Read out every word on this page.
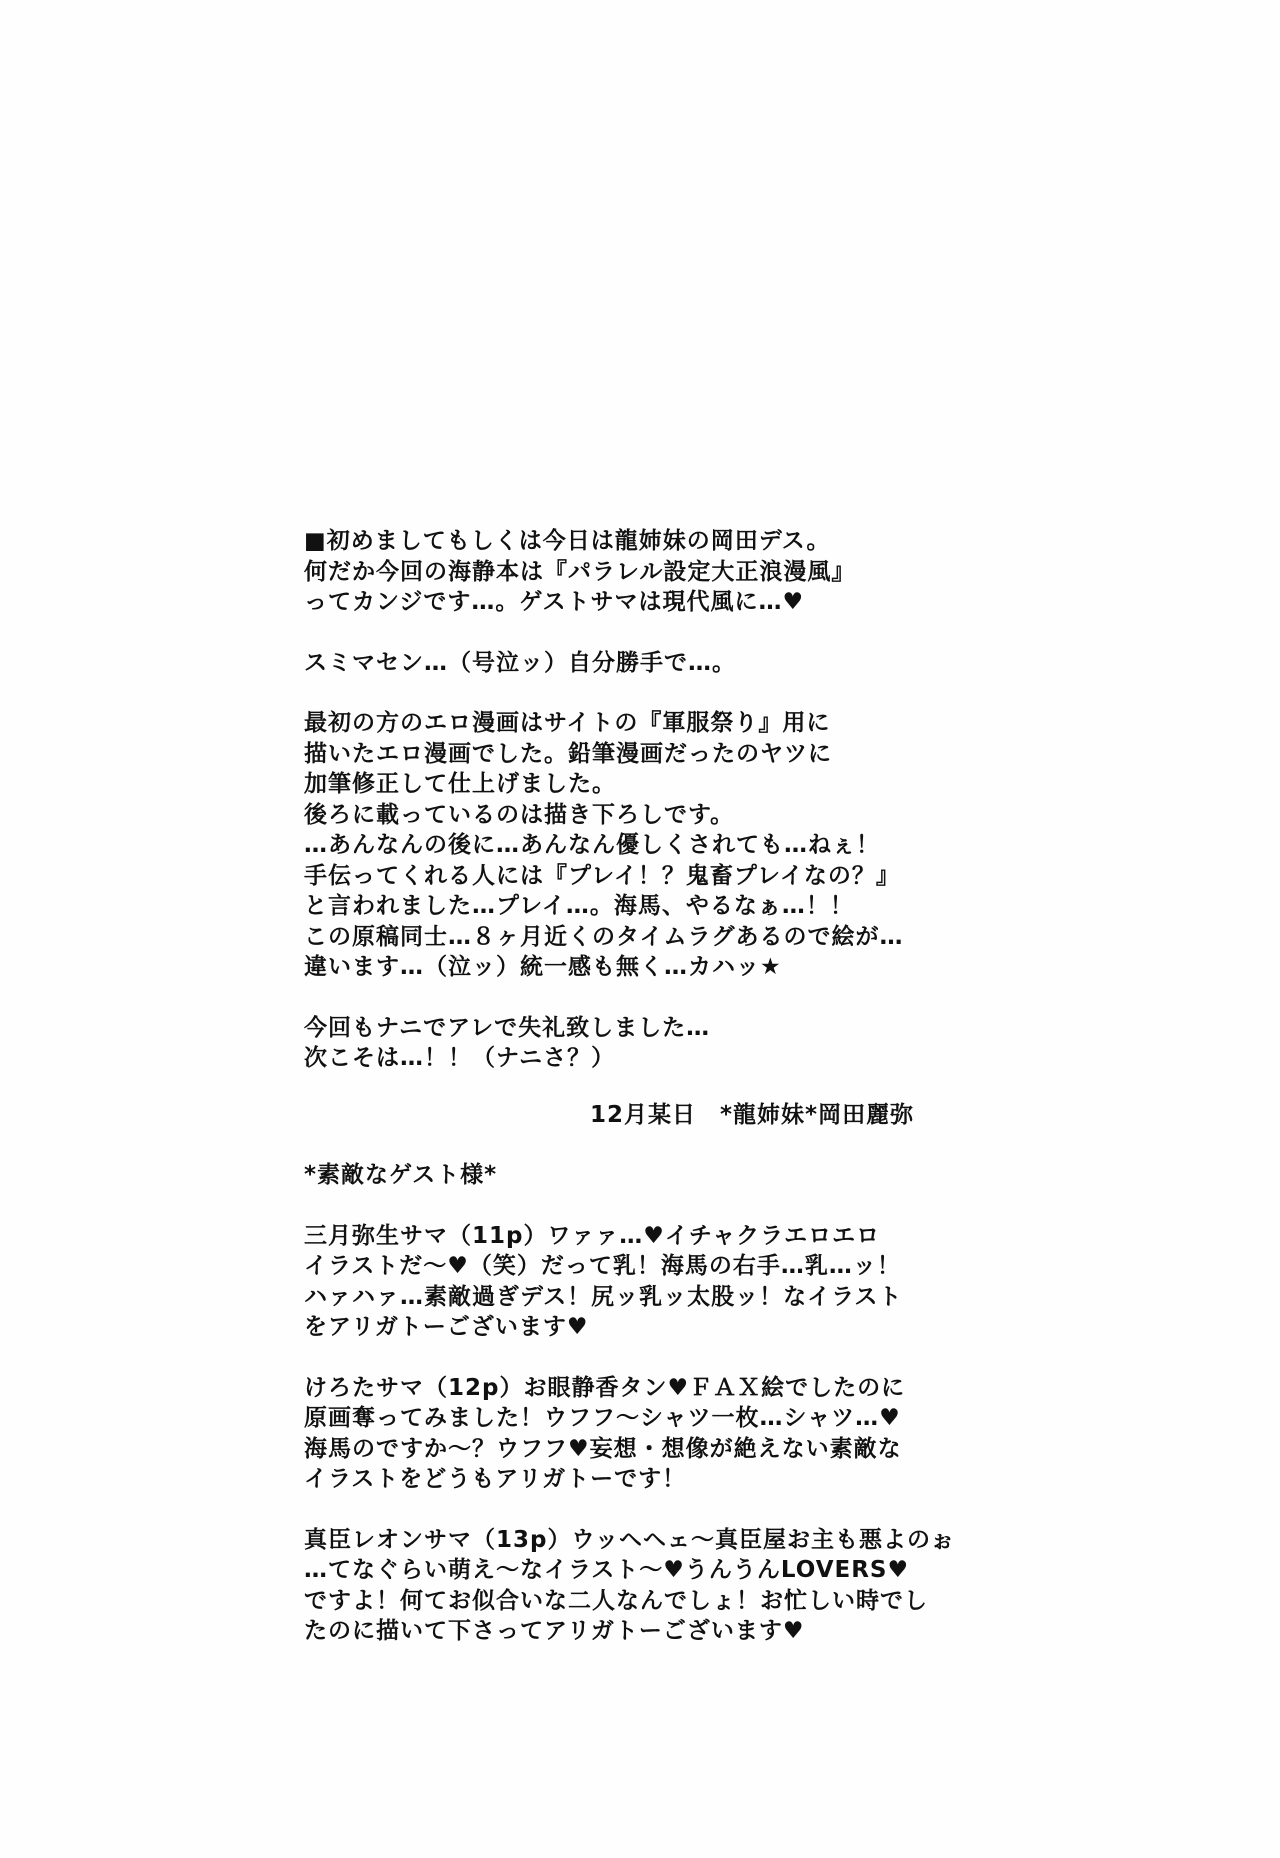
■初めましてもしくは今日は龍姉妹の岡田デス。
何だか今回の海静本は『パラレル設定大正浪漫風』
ってカンジです…。ゲストサマは現代風に…♥
スミマセン…（号泣ッ）自分勝手で…。
最初の方のエロ漫画はサイトの『軍服祭り』用に
描いたエロ漫画でした。鉛筆漫画だったのヤツに
加筆修正して仕上げました。
後ろに載っているのは描き下ろしです。
…あんなんの後に…あんなん優しくされても…ねぇ！
手伝ってくれる人には『プレイ！？鬼畜プレイなの？』
と言われました…プレイ…。海馬、やるなぁ…！！
この原稿同士…８ヶ月近くのタイムラグあるので絵が…
違います…（泣ッ）統一感も無く…カハッ★
今回もナニでアレで失礼致しました…
次こそは…！！（ナニさ？）
12月某日　*龍姉妹*岡田麗弥
*素敵なゲスト様*
三月弥生サマ（11p）ワァァ…♥イチャクラエロエロ
イラストだ～♥（笑）だって乳！海馬の右手…乳…ッ！
ハァハァ…素敵過ぎデス！尻ッ乳ッ太股ッ！なイラスト
をアリガトーございます♥
けろたサマ（12p）お眼静香タン♥ＦＡＸ絵でしたのに
原画奪ってみました！ウフフ～シャツ一枚…シャツ…♥
海馬のですか～？ウフフ♥妄想・想像が絶えない素敵な
イラストをどうもアリガトーです！
真臣レオンサマ（13p）ウッヘヘェ～真臣屋お主も悪よのぉ
…てなぐらい萌え～なイラスト～♥うんうんLOVERS♥
ですよ！何てお似合いな二人なんでしょ！お忙しい時でし
たのに描いて下さってアリガトーございます♥
